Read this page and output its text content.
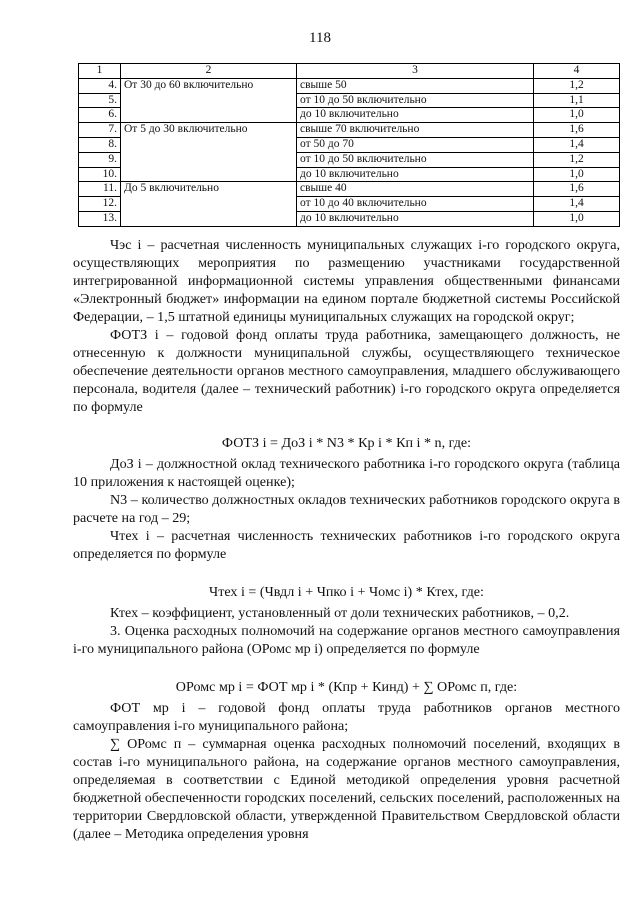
118
1	2	3	4
4.	От 30 до 60 включительно	свыше 50	1,2
5.		от 10 до 50 включительно	1,1
6.		до 10 включительно	1,0
7.	От 5 до 30 включительно	свыше 70 включительно	1,6
8.		от 50 до 70	1,4
9.		от 10 до 50 включительно	1,2
10.		до 10 включительно	1,0
11.	До 5 включительно	свыше 40	1,6
12.		от 10 до 40 включительно	1,4
13.		до 10 включительно	1,0

Чэс i – расчетная численность муниципальных служащих i-го городского округа, осуществляющих мероприятия по размещению участниками государственной интегрированной информационной системы управления общественными финансами «Электронный бюджет» информации на едином портале бюджетной системы Российской Федерации, – 1,5 штатной единицы муниципальных служащих на городской округ;

ФОТЗ i – годовой фонд оплаты труда работника, замещающего должность, не отнесенную к должности муниципальной службы, осуществляющего техническое обеспечение деятельности органов местного самоуправления, младшего обслуживающего персонала, водителя (далее – технический работник) i-го городского округа определяется по формуле

ФОТЗ i = ДоЗ i * N3 * Кр i * Кп i * n, где:

ДоЗ i – должностной оклад технического работника i-го городского округа (таблица 10 приложения к настоящей оценке);

N3 – количество должностных окладов технических работников городского округа в расчете на год – 29;

Чтех i – расчетная численность технических работников i-го городского округа определяется по формуле

Чтех i = (Чвдл i + Чпко i + Чомс i) * Ктех, где:

Ктех – коэффициент, установленный от доли технических работников, – 0,2.

3. Оценка расходных полномочий на содержание органов местного самоуправления i-го муниципального района (ОРомс мр i) определяется по формуле

ОРомс мр i = ФОТ мр i * (Кпр + Кинд) + ∑ ОРомс п, где:

ФОТ мр i – годовой фонд оплаты труда работников органов местного самоуправления i-го муниципального района;

∑ ОРомс п – суммарная оценка расходных полномочий поселений, входящих в состав i-го муниципального района, на содержание органов местного самоуправления, определяемая в соответствии с Единой методикой определения уровня расчетной бюджетной обеспеченности городских поселений, сельских поселений, расположенных на территории Свердловской области, утвержденной Правительством Свердловской области (далее – Методика определения уровня
